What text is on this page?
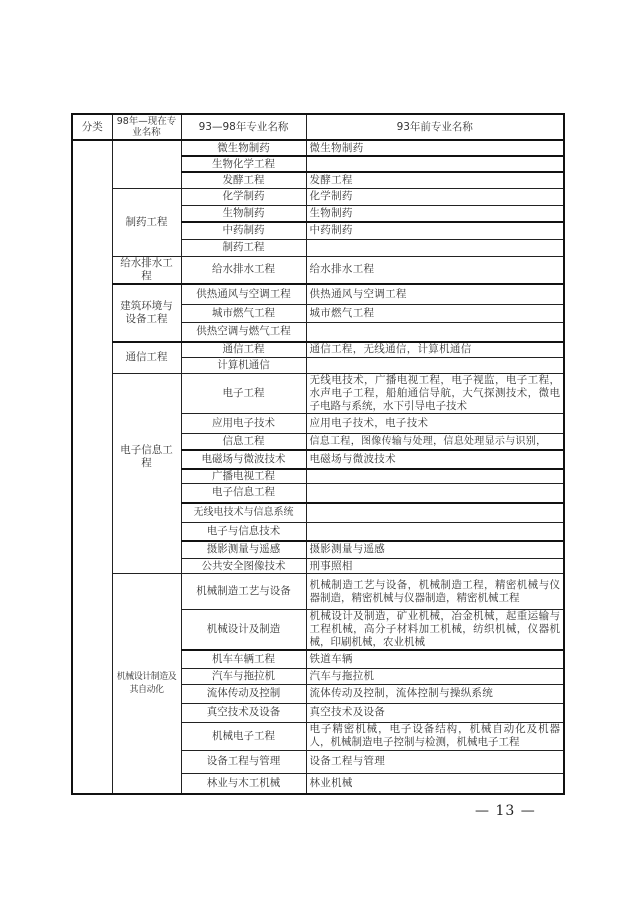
分类	98年—现在专业名称	93—98年专业名称	93年前专业名称
		微生物制药	微生物制药
		生物化学工程	
		发酵工程	发酵工程
	制药工程	化学制药	化学制药
		生物制药	生物制药
		中药制药	中药制药
		制药工程	
	给水排水工程	给水排水工程	给水排水工程
	建筑环境与设备工程	供热通风与空调工程	供热通风与空调工程
		城市燃气工程	城市燃气工程
		供热空调与燃气工程	
	通信工程	通信工程	通信工程，无线通信，计算机通信
		计算机通信	
	电子信息工程	电子工程	无线电技术，广播电视工程，电子视监，电子工程，水声电子工程，船舶通信导航，大气探测技术，微电子电路与系统，水下引导电子技术
		应用电子技术	应用电子技术，电子技术
		信息工程	信息工程，图像传输与处理，信息处理显示与识别，
		电磁场与微波技术	电磁场与微波技术
		广播电视工程	
		电子信息工程	
		无线电技术与信息系统	
		电子与信息技术	
		摄影测量与遥感	摄影测量与遥感
		公共安全图像技术	刑事照相
	机械设计制造及其自动化	机械制造工艺与设备	机械制造工艺与设备，机械制造工程，精密机械与仪器制造，精密机械与仪器制造，精密机械工程
		机械设计及制造	机械设计及制造，矿业机械，冶金机械，起重运输与工程机械，高分子材料加工机械，纺织机械，仪器机械，印刷机械，农业机械
		机车车辆工程	铁道车辆
		汽车与拖拉机	汽车与拖拉机
		流体传动及控制	流体传动及控制，流体控制与操纵系统
		真空技术及设备	真空技术及设备
		机械电子工程	电子精密机械，电子设备结构，机械自动化及机器人，机械制造电子控制与检测，机械电子工程
		设备工程与管理	设备工程与管理
		林业与木工机械	林业机械
— 13 —
